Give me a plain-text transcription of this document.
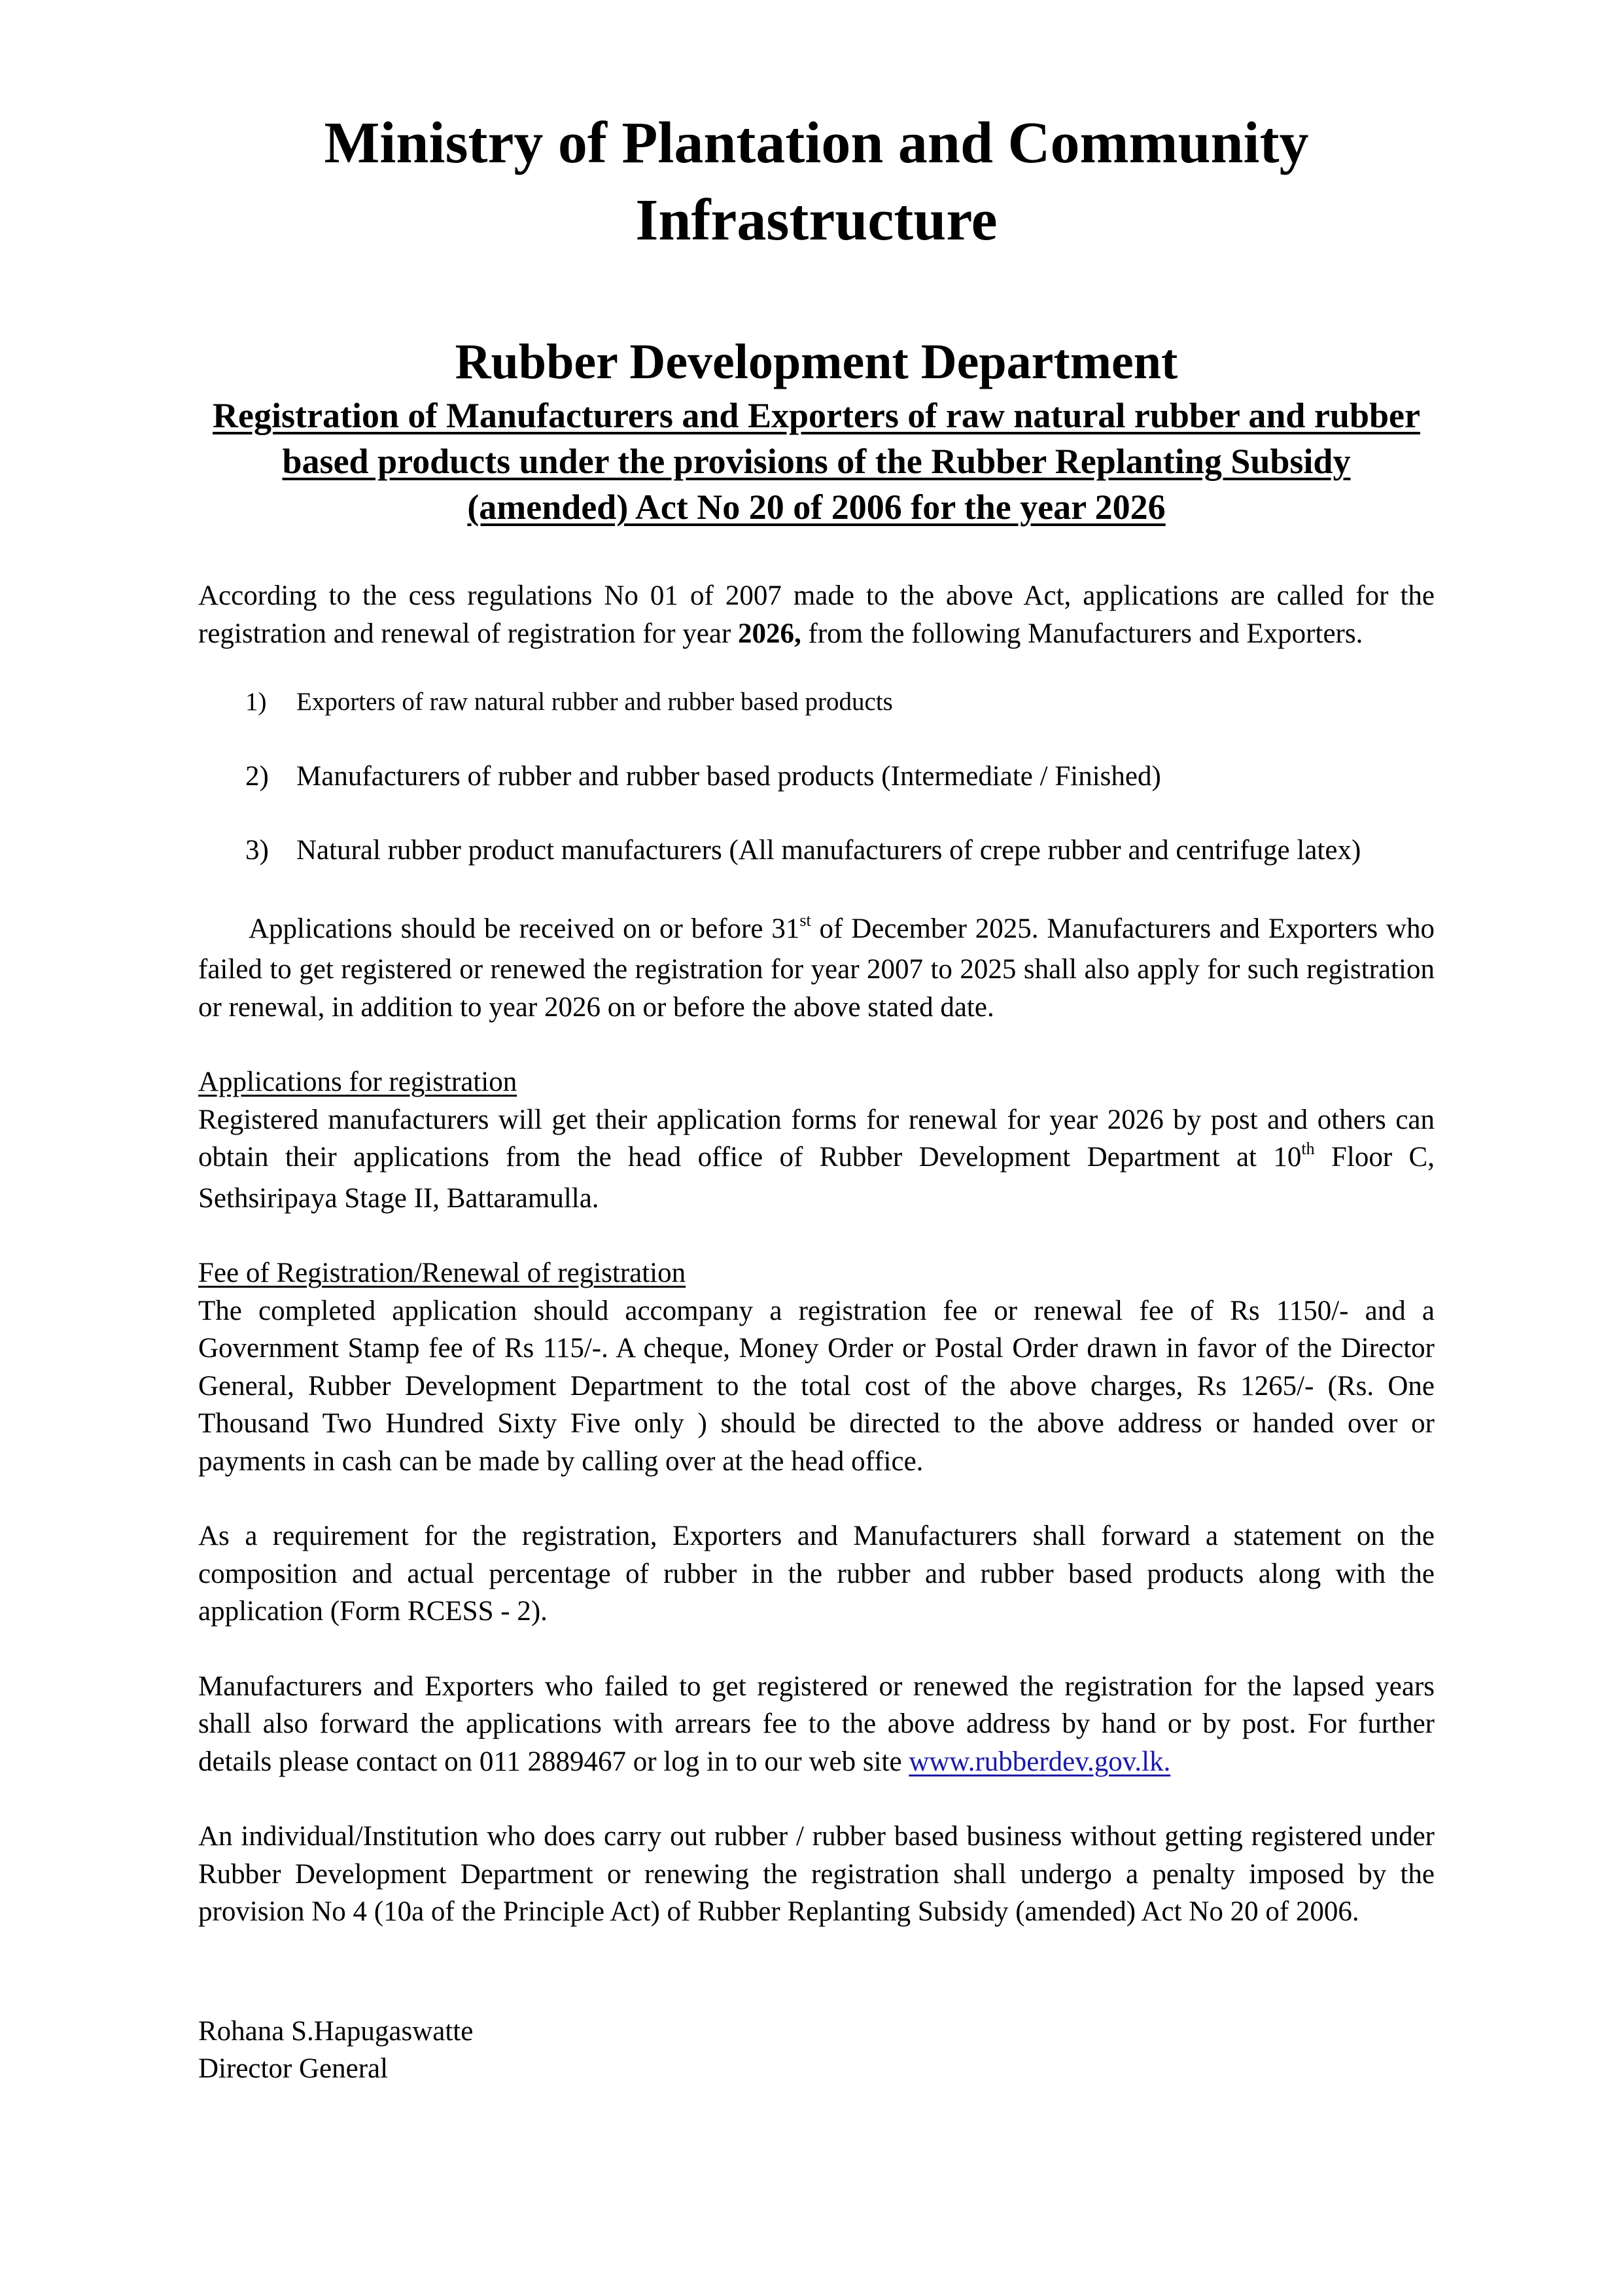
Ministry of Plantation and Community Infrastructure
Rubber Development Department
Registration of Manufacturers and Exporters of raw natural rubber and rubber based products under the provisions of the Rubber Replanting Subsidy (amended) Act No 20 of 2006 for the year 2026

According to the cess regulations No 01 of 2007 made to the above Act, applications are called for the registration and renewal of registration for year 2026, from the following Manufacturers and Exporters.

1) Exporters of raw natural rubber and rubber based products
2) Manufacturers of rubber and rubber based products (Intermediate / Finished)
3) Natural rubber product manufacturers (All manufacturers of crepe rubber and centrifuge latex)

Applications should be received on or before 31st of December 2025. Manufacturers and Exporters who failed to get registered or renewed the registration for year 2007 to 2025 shall also apply for such registration or renewal, in addition to year 2026 on or before the above stated date.

Applications for registration

Registered manufacturers will get their application forms for renewal for year 2026 by post and others can obtain their applications from the head office of Rubber Development Department at 10th Floor C, Sethsiripaya Stage II, Battaramulla.

Fee of Registration/Renewal of registration

The completed application should accompany a registration fee or renewal fee of Rs 1150/- and a Government Stamp fee of Rs 115/-. A cheque, Money Order or Postal Order drawn in favor of the Director General, Rubber Development Department to the total cost of the above charges, Rs 1265/- (Rs. One Thousand Two Hundred Sixty Five only ) should be directed to the above address or handed over or payments in cash can be made by calling over at the head office.

As a requirement for the registration, Exporters and Manufacturers shall forward a statement on the composition and actual percentage of rubber in the rubber and rubber based products along with the application (Form RCESS - 2).

Manufacturers and Exporters who failed to get registered or renewed the registration for the lapsed years shall also forward the applications with arrears fee to the above address by hand or by post. For further details please contact on 011 2889467 or log in to our web site www.rubberdev.gov.lk.

An individual/Institution who does carry out rubber / rubber based business without getting registered under Rubber Development Department or renewing the registration shall undergo a penalty imposed by the provision No 4 (10a of the Principle Act) of Rubber Replanting Subsidy (amended) Act No 20 of 2006.

Rohana S.Hapugaswatte

Director General
